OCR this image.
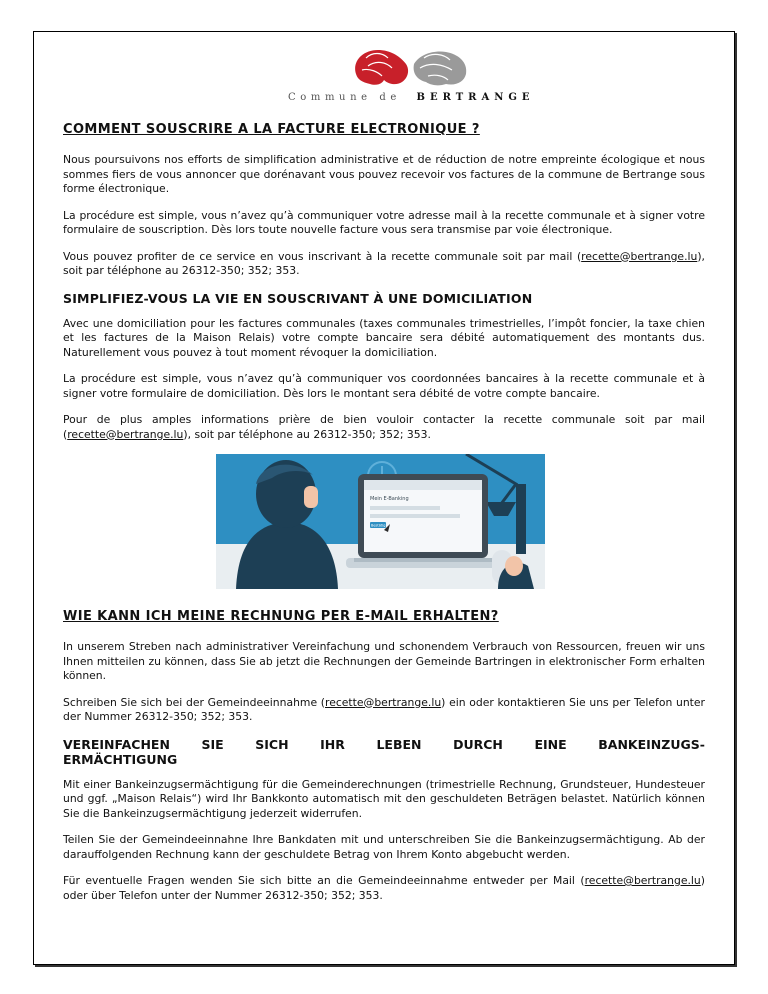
Commune de BERTRANGE
COMMENT SOUSCRIRE A LA FACTURE ELECTRONIQUE ?

Nous poursuivons nos efforts de simplification administrative et de réduction de notre empreinte écologique et nous sommes fiers de vous annoncer que dorénavant vous pouvez recevoir vos factures de la commune de Bertrange sous forme électronique.

La procédure est simple, vous n’avez qu’à communiquer votre adresse mail à la recette communale et à signer votre formulaire de souscription. Dès lors toute nouvelle facture vous sera transmise par voie électronique.

Vous pouvez profiter de ce service en vous inscrivant à la recette communale soit par mail (recette@bertrange.lu), soit par téléphone au 26312-350; 352; 353.

SIMPLIFIEZ-VOUS LA VIE EN SOUSCRIVANT À UNE DOMICILIATION

Avec une domiciliation pour les factures communales (taxes communales trimestrielles, l’impôt foncier, la taxe chien et les factures de la Maison Relais) votre compte bancaire sera débité automatiquement des montants dus. Naturellement vous pouvez à tout moment révoquer la domiciliation.

La procédure est simple, vous n’avez qu’à communiquer vos coordonnées bancaires à la recette communale et à signer votre formulaire de domiciliation. Dès lors le montant sera débité de votre compte bancaire.

Pour de plus amples informations prière de bien vouloir contacter la recette communale soit par mail (recette@bertrange.lu), soit par téléphone au 26312-350; 352; 353.

Mein E-Banking
Bestätig
WIE KANN ICH MEINE RECHNUNG PER E-MAIL ERHALTEN?

In unserem Streben nach administrativer Vereinfachung und schonendem Verbrauch von Ressourcen, freuen wir uns Ihnen mitteilen zu können, dass Sie ab jetzt die Rechnungen der Gemeinde Bartringen in elektronischer Form erhalten können.

Schreiben Sie sich bei der Gemeindeeinnahme (recette@bertrange.lu) ein oder kontaktieren Sie uns per Telefon unter der Nummer 26312-350; 352; 353.

VEREINFACHEN	SIE	SICH	IHR	LEBEN	DURCH	EINE	BANKEINZUGS-
ERMÄCHTIGUNG

Mit einer Bankeinzugsermächtigung für die Gemeinderechnungen (trimestrielle Rechnung, Grundsteuer, Hundesteuer und ggf. „Maison Relais“) wird Ihr Bankkonto automatisch mit den geschuldeten Beträgen belastet. Natürlich können Sie die Bankeinzugsermächtigung jederzeit widerrufen.

Teilen Sie der Gemeindeeinnahne Ihre Bankdaten mit und unterschreiben Sie die Bankeinzugsermächtigung. Ab der darauffolgenden Rechnung kann der geschuldete Betrag von Ihrem Konto abgebucht werden.

Für eventuelle Fragen wenden Sie sich bitte an die Gemeindeeinnahme entweder per Mail (recette@bertrange.lu) oder über Telefon unter der Nummer 26312-350; 352; 353.
